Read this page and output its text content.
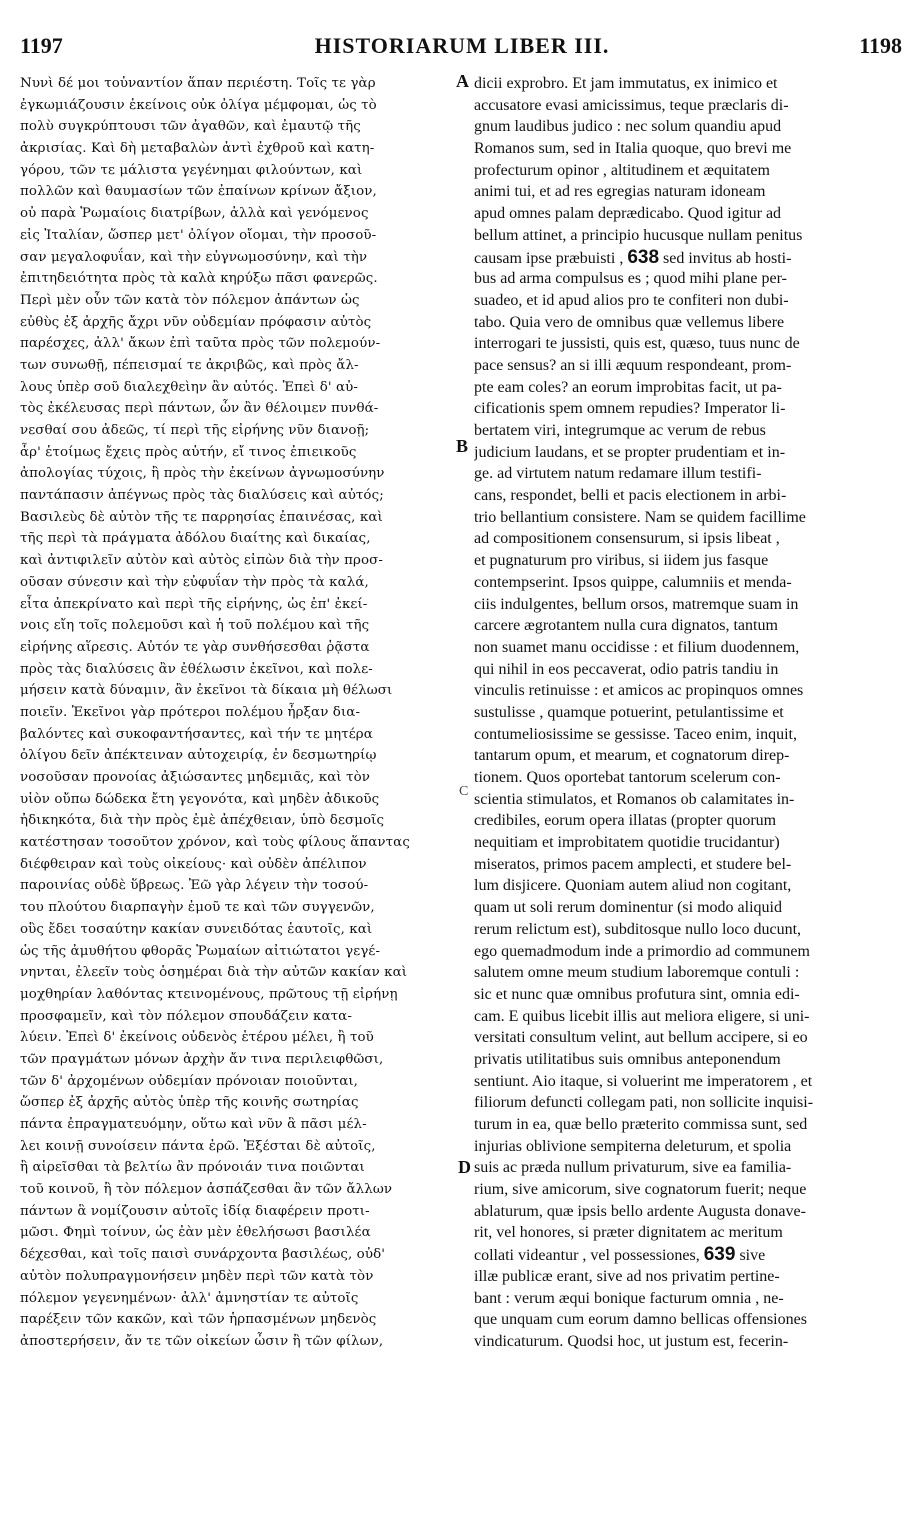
1197	HISTORIARUM LIBER III.	1198
Νυνὶ δέ μοι τοὐναντίον ἅπαν περιέστη. Τοῖς τε γὰρ
ἐγκωμιάζουσιν ἐκείνοις οὐκ ὀλίγα μέμφομαι, ὡς τὸ
πολὺ συγκρύπτουσι τῶν ἀγαθῶν, καὶ ἐμαυτῷ τῆς
ἀκρισίας. Καὶ δὴ μεταβαλὼν ἀντὶ ἐχθροῦ καὶ κατη-
γόρου, τῶν τε μάλιστα γεγένημαι φιλούντων, καὶ
πολλῶν καὶ θαυμασίων τῶν ἐπαίνων κρίνων ἄξιον,
οὐ παρὰ Ῥωμαίοις διατρίβων, ἀλλὰ καὶ γενόμενος
εἰς Ἰταλίαν, ὥσπερ μετ' ὀλίγον οἴομαι, τὴν προσοῦ-
σαν μεγαλοφυΐαν, καὶ τὴν εὐγνωμοσύνην, καὶ τὴν
ἐπιτηδειότητα πρὸς τὰ καλὰ κηρύξω πᾶσι φανερῶς.
Περὶ μὲν οὖν τῶν κατὰ τὸν πόλεμον ἁπάντων ὡς
εὐθὺς ἐξ ἀρχῆς ἄχρι νῦν οὐδεμίαν πρόφασιν αὐτὸς
παρέσχες, ἀλλ' ἄκων ἐπὶ ταῦτα πρὸς τῶν πολεμούν-
των συνωθῇ, πέπεισμαί τε ἀκριβῶς, καὶ πρὸς ἄλ-
λους ὑπὲρ σοῦ διαλεχθεὶην ἂν αὐτός. Ἐπεὶ δ' αὐ-
τὸς ἐκέλευσας περὶ πάντων, ὧν ἂν θέλοιμεν πυνθά-
νεσθαί σου ἀδεῶς, τί περὶ τῆς εἰρήνης νῦν διανοῇ;
ἆρ' ἑτοίμως ἔχεις πρὸς αὐτήν, εἴ τινος ἐπιεικοῦς
ἀπολογίας τύχοις, ἢ πρὸς τὴν ἐκείνων ἀγνωμοσύνην
παντάπασιν ἀπέγνως πρὸς τὰς διαλύσεις καὶ αὐτός;
Βασιλεὺς δὲ αὐτὸν τῆς τε παρρησίας ἐπαινέσας, καὶ
τῆς περὶ τὰ πράγματα ἀδόλου διαίτης καὶ δικαίας,
καὶ ἀντιφιλεῖν αὐτὸν καὶ αὐτὸς εἰπὼν διὰ τὴν προσ-
οῦσαν σύνεσιν καὶ τὴν εὐφυΐαν τὴν πρὸς τὰ καλά,
εἶτα ἀπεκρίνατο καὶ περὶ τῆς εἰρήνης, ὡς ἐπ' ἐκεί-
νοις εἴη τοῖς πολεμοῦσι καὶ ἡ τοῦ πολέμου καὶ τῆς
εἰρήνης αἵρεσις. Αὐτόν τε γὰρ συνθήσεσθαι ῥᾷστα
πρὸς τὰς διαλύσεις ἂν ἐθέλωσιν ἐκεῖνοι, καὶ πολε-
μήσειν κατὰ δύναμιν, ἂν ἐκεῖνοι τὰ δίκαια μὴ θέλωσι
ποιεῖν. Ἐκεῖνοι γὰρ πρότεροι πολέμου ἦρξαν δια-
βαλόντες καὶ συκοφαντήσαντες, καὶ τήν τε μητέρα
ὀλίγου δεῖν ἀπέκτειναν αὐτοχειρίᾳ, ἐν δεσμωτηρίῳ
νοσοῦσαν προνοίας ἀξιώσαντες μηδεμιᾶς, καὶ τὸν
υἱὸν οὔπω δώδεκα ἔτη γεγονότα, καὶ μηδὲν ἀδικοῦς
ἠδικηκότα, διὰ τὴν πρὸς ἐμὲ ἀπέχθειαν, ὑπὸ δεσμοῖς
κατέστησαν τοσοῦτον χρόνον, καὶ τοὺς φίλους ἅπαντας
διέφθειραν καὶ τοὺς οἰκείους· καὶ οὐδὲν ἀπέλιπον
παροινίας οὐδὲ ὕβρεως. Ἐῶ γὰρ λέγειν τὴν τοσού-
του πλούτου διαρπαγὴν ἐμοῦ τε καὶ τῶν συγγενῶν,
οὓς ἔδει τοσαύτην κακίαν συνειδότας ἑαυτοῖς, καὶ
ὡς τῆς ἀμυθήτου φθορᾶς Ῥωμαίων αἰτιώτατοι γεγέ-
νηνται, ἐλεεῖν τοὺς ὁσημέραι διὰ τὴν αὐτῶν κακίαν καὶ
μοχθηρίαν λαθόντας κτεινομένους, πρῶτους τῇ εἰρήνῃ
προσφαμεῖν, καὶ τὸν πόλεμον σπουδάζειν κατα-
λύειν. Ἐπεὶ δ' ἐκείνοις οὐδενὸς ἑτέρου μέλει, ἢ τοῦ
τῶν πραγμάτων μόνων ἀρχὴν ἄν τινα περιλειφθῶσι,
τῶν δ' ἀρχομένων οὐδεμίαν πρόνοιαν ποιοῦνται,
ὥσπερ ἐξ ἀρχῆς αὐτὸς ὑπὲρ τῆς κοινῆς σωτηρίας
πάντα ἐπραγματευόμην, οὕτω καὶ νῦν ἃ πᾶσι μέλ-
λει κοινῇ συνοίσειν πάντα ἐρῶ. Ἐξέσται δὲ αὐτοῖς,
ἢ αἱρεῖσθαι τὰ βελτίω ἂν πρόνοιάν τινα ποιῶνται
τοῦ κοινοῦ, ἢ τὸν πόλεμον ἀσπάζεσθαι ἂν τῶν ἄλλων
πάντων ἃ νομίζουσιν αὐτοῖς ἰδίᾳ διαφέρειν προτι-
μῶσι. Φημὶ τοίνυν, ὡς ἐὰν μὲν ἐθελήσωσι βασιλέα
δέχεσθαι, καὶ τοῖς παισὶ συνάρχοντα βασιλέως, οὐδ'
αὐτὸν πολυπραγμονήσειν μηδὲν περὶ τῶν κατὰ τὸν
πόλεμον γεγενημένων· ἀλλ' ἀμνηστίαν τε αὐτοῖς
παρέξειν τῶν κακῶν, καὶ τῶν ἡρπασμένων μηδενὸς
ἀποστερήσειν, ἄν τε τῶν οἰκείων ὦσιν ἢ τῶν φίλων,
dicii exprobro. Et jam immutatus, ex inimico et
accusatore evasi amicissimus, teque præclaris di-
gnum laudibus judico : nec solum quandiu apud
Romanos sum, sed in Italia quoque, quo brevi me
profecturum opinor , altitudinem et æquitatem
animi tui, et ad res egregias naturam idoneam
apud omnes palam deprædicabo. Quod igitur ad
bellum attinet, a principio hucusque nullam penitus
causam ipse præbuisti , 638 sed invitus ab hosti-
bus ad arma compulsus es ; quod mihi plane per-
suadeo, et id apud alios pro te confiteri non dubi-
tabo. Quia vero de omnibus quæ vellemus libere
interrogari te jussisti, quis est, quæso, tuus nunc de
pace sensus? an si illi æquum respondeant, prom-
pte eam coles? an eorum improbitas facit, ut pa-
cificationis spem omnem repudies? Imperator li-
bertatem viri, integrumque ac verum de rebus
judicium laudans, et se propter prudentiam et in-
ge. ad virtutem natum redamare illum testifi-
cans, respondet, belli et pacis electionem in arbi-
trio bellantium consistere. Nam se quidem facillime
ad compositionem consensurum, si ipsis libeat ,
et pugnaturum pro viribus, si iidem jus fasque
contempserint. Ipsos quippe, calumniis et menda-
ciis indulgentes, bellum orsos, matremque suam in
carcere ægrotantem nulla cura dignatos, tantum
non suamet manu occidisse : et filium duodennem,
qui nihil in eos peccaverat, odio patris tandiu in
vinculis retinuisse : et amicos ac propinquos omnes
sustulisse , quamque potuerint, petulantissime et
contumeliosissime se gessisse. Taceo enim, inquit,
tantarum opum, et mearum, et cognatorum direp-
tionem. Quos oportebat tantorum scelerum con-
scientia stimulatos, et Romanos ob calamitates in-
credibiles, eorum opera illatas (propter quorum
nequitiam et improbitatem quotidie trucidantur)
miseratos, primos pacem amplecti, et studere bel-
lum disjicere. Quoniam autem aliud non cogitant,
quam ut soli rerum dominentur (si modo aliquid
rerum relictum est), subditosque nullo loco ducunt,
ego quemadmodum inde a primordio ad communem
salutem omne meum studium laboremque contuli :
sic et nunc quæ omnibus profutura sint, omnia edi-
cam. E quibus licebit illis aut meliora eligere, si uni-
versitati consultum velint, aut bellum accipere, si eo
privatis utilitatibus suis omnibus anteponendum
sentiunt. Aio itaque, si voluerint me imperatorem , et
filiorum defuncti collegam pati, non sollicite inquisi-
turum in ea, quæ bello præterito commissa sunt, sed
injurias oblivione sempiterna deleturum, et spolia
suis ac præda nullum privaturum, sive ea familia-
rium, sive amicorum, sive cognatorum fuerit; neque
ablaturum, quæ ipsis bello ardente Augusta donave-
rit, vel honores, si præter dignitatem ac meritum
collati videantur , vel possessiones, 639 sive
illæ publicæ erant, sive ad nos privatim pertine-
bant : verum æqui bonique facturum omnia , ne-
que unquam cum eorum damno bellicas offensiones
vindicaturum. Quodsi hoc, ut justum est, fecerin-
A
B
C
D
